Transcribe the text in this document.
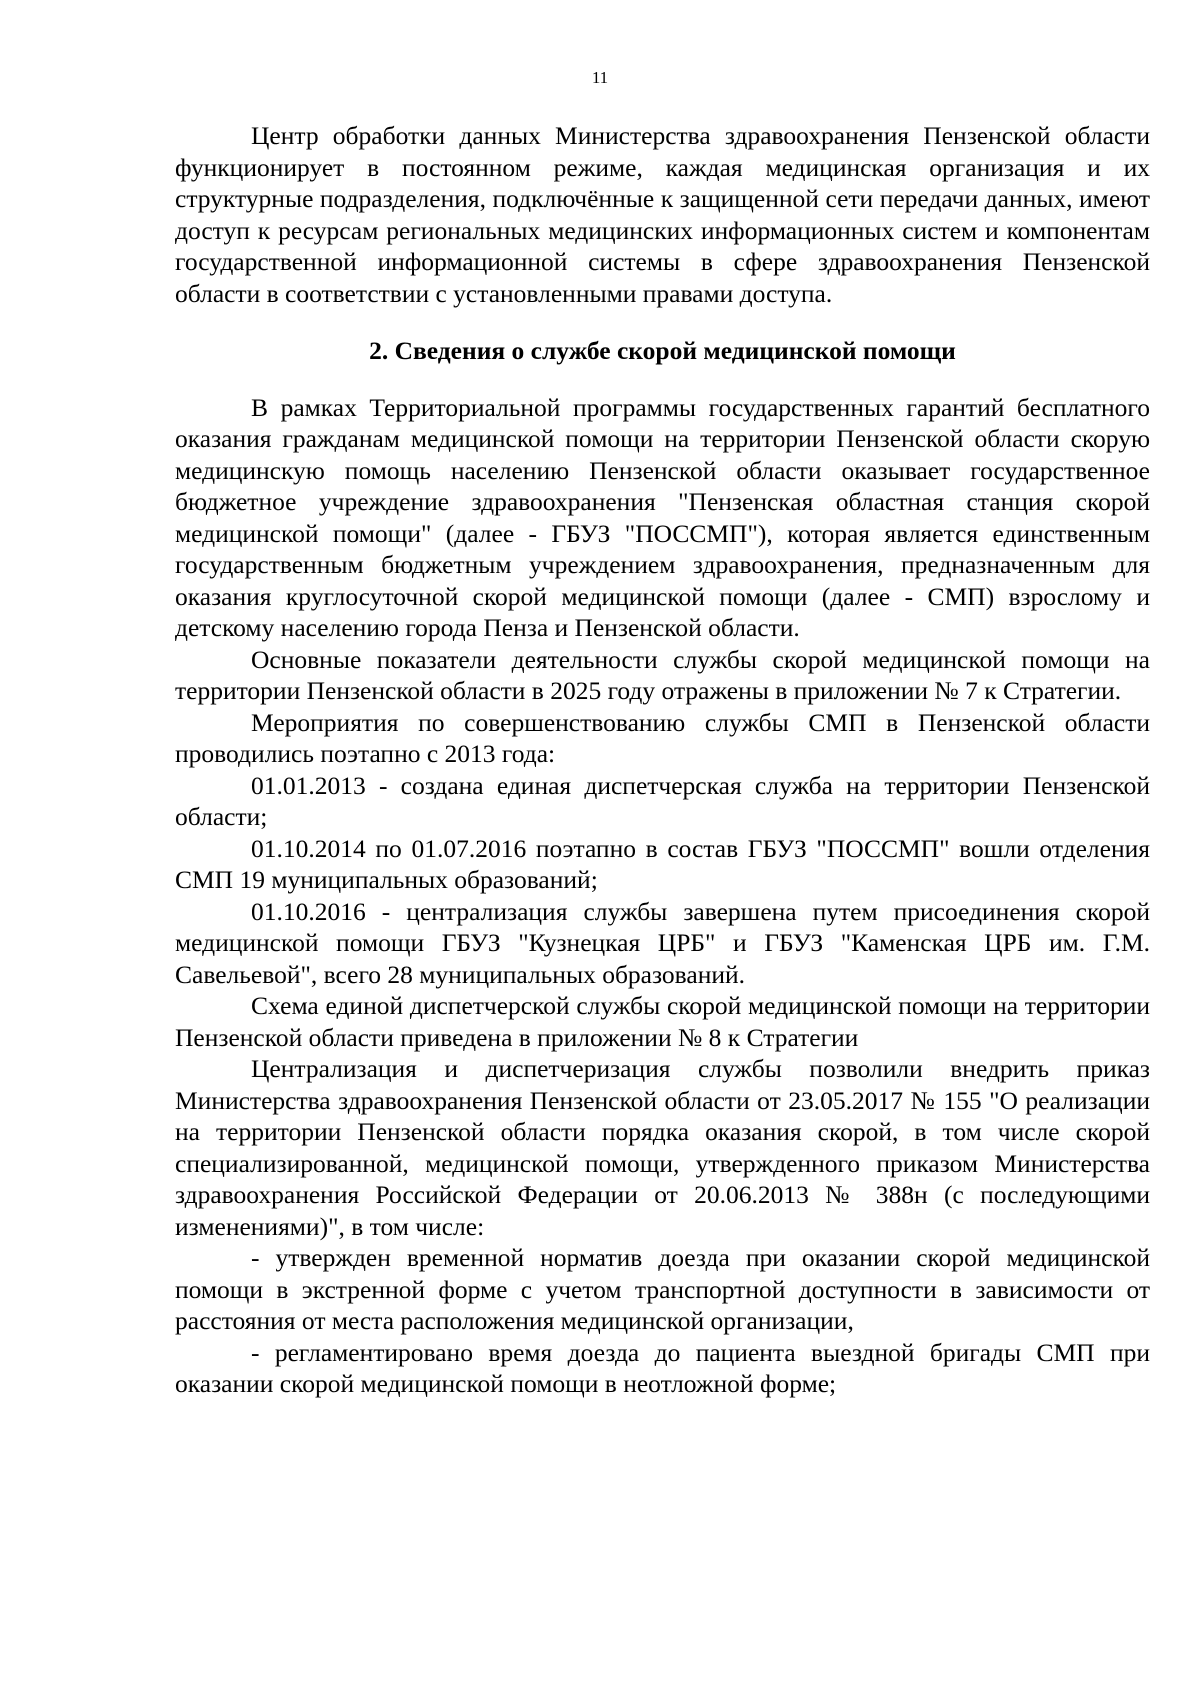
11

Центр обработки данных Министерства здравоохранения Пензенской области функционирует в постоянном режиме, каждая медицинская организация и их структурные подразделения, подключённые к защищенной сети передачи данных, имеют доступ к ресурсам региональных медицинских информационных систем и компонентам государственной информационной системы в сфере здравоохранения Пензенской области в соответствии с установленными правами доступа.

2. Сведения о службе скорой медицинской помощи

В рамках Территориальной программы государственных гарантий бесплатного оказания гражданам медицинской помощи на территории Пензенской области скорую медицинскую помощь населению Пензенской области оказывает государственное бюджетное учреждение здравоохранения "Пензенская областная станция скорой медицинской помощи" (далее - ГБУЗ "ПОССМП"), которая является единственным государственным бюджетным учреждением здравоохранения, предназначенным для оказания круглосуточной скорой медицинской помощи (далее - СМП) взрослому и детскому населению города Пенза и Пензенской области.

Основные показатели деятельности службы скорой медицинской помощи на территории Пензенской области в 2025 году отражены в приложении № 7 к Стратегии.

Мероприятия по совершенствованию службы СМП в Пензенской области проводились поэтапно с 2013 года:

01.01.2013 - создана единая диспетчерская служба на территории Пензенской области;

01.10.2014 по 01.07.2016 поэтапно в состав ГБУЗ "ПОССМП" вошли отделения СМП 19 муниципальных образований;

01.10.2016 - централизация службы завершена путем присоединения скорой медицинской помощи ГБУЗ "Кузнецкая ЦРБ" и ГБУЗ "Каменская ЦРБ им. Г.М. Савельевой", всего 28 муниципальных образований.

Схема единой диспетчерской службы скорой медицинской помощи на территории Пензенской области приведена в приложении № 8 к Стратегии

Централизация и диспетчеризация службы позволили внедрить приказ Министерства здравоохранения Пензенской области от 23.05.2017 № 155 "О реализации на территории Пензенской области порядка оказания скорой, в том числе скорой специализированной, медицинской помощи, утвержденного приказом Министерства здравоохранения Российской Федерации от 20.06.2013 № 388н (с последующими изменениями)", в том числе:

- утвержден временной норматив доезда при оказании скорой медицинской помощи в экстренной форме с учетом транспортной доступности в зависимости от расстояния от места расположения медицинской организации,

- регламентировано время доезда до пациента выездной бригады СМП при оказании скорой медицинской помощи в неотложной форме;
